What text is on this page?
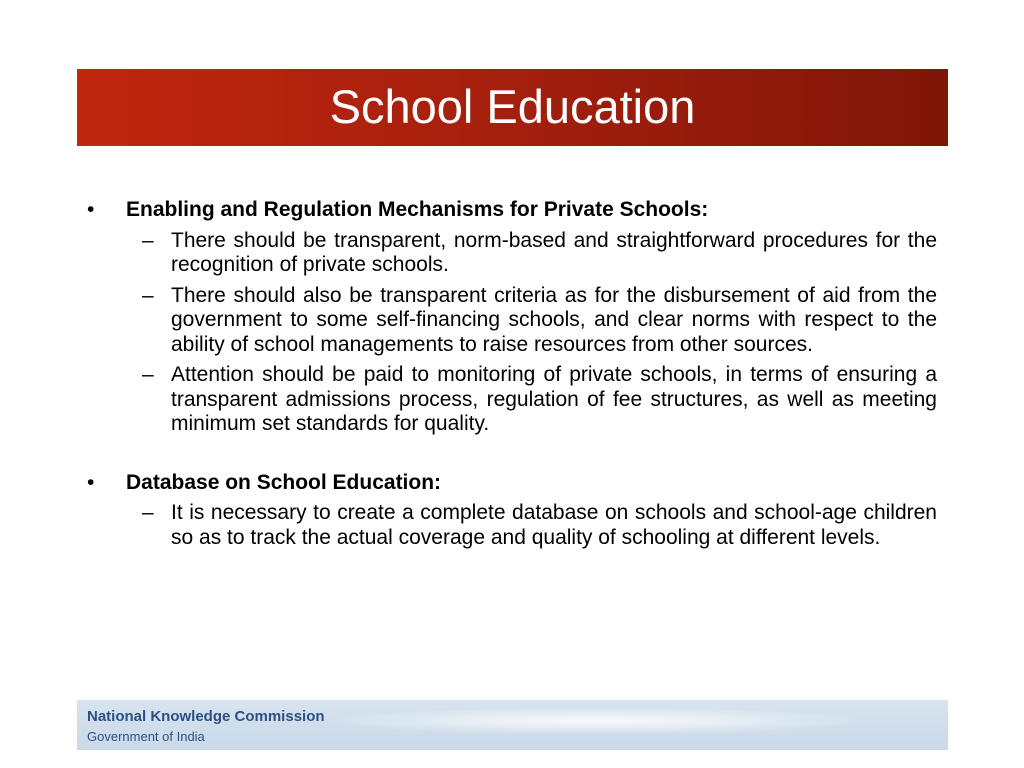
School Education
•	Enabling and Regulation Mechanisms for Private Schools:
– There should be transparent, norm-based and straightforward procedures for the recognition of private schools.
– There should also be transparent criteria as for the disbursement of aid from the government to some self-financing schools, and clear norms with respect to the ability of school managements to raise resources from other sources.
– Attention should be paid to monitoring of private schools, in terms of ensuring a transparent admissions process, regulation of fee structures, as well as meeting minimum set standards for quality.
•	Database on School Education:
– It is necessary to create a complete database on schools and school-age children so as to track the actual coverage and quality of schooling at different levels.
National Knowledge Commission
Government of India
